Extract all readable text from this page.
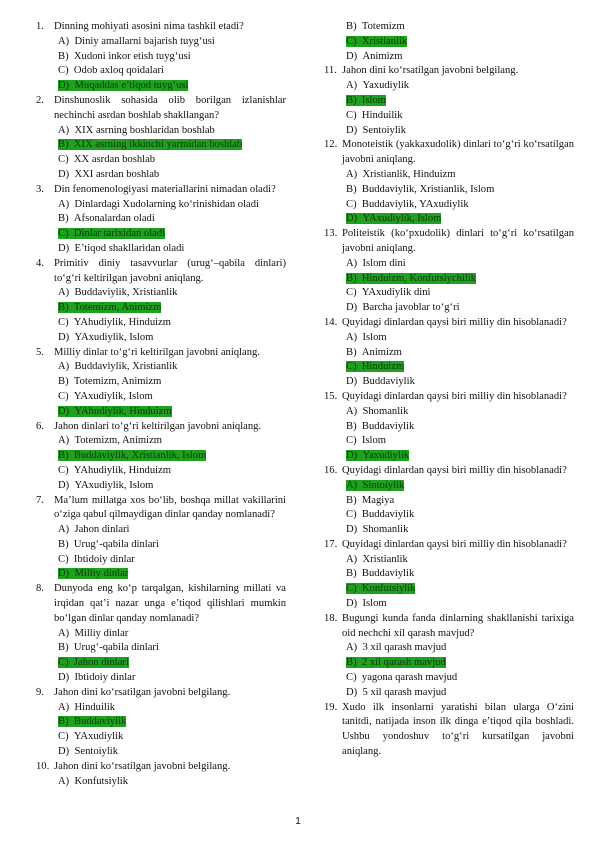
1. Dinning mohiyati asosini nima tashkil etadi?
A) Diniy amallarni bajarish tuyg‘usi
B) Xudoni inkor etish tuyg‘usi
C) Odob axloq qoidalari
D) Muqaddas e’tiqod tuyg‘usi
2. Dinshunoslik sohasida olib borilgan izlanishlar nechinchi asrdan boshlab shakllangan?
A) XIX asrning boshlaridan boshlab
B) XIX asrning ikkinchi yarmidan boshlab
C) XX asrdan boshlab
D) XXI asrdan boshlab
3. Din fenomenologiyasi materiallarini nimadan oladi?
A) Dinlardagi Xudolarning ko‘rinishidan oladi
B) Afsonalardan oladi
C) Dinlar tarixidan oladi
D) E’tiqod shakllaridan oladi
4. Primitiv diniy tasavvurlar (urug‘–qabila dinlari) to‘g‘ri keltirilgan javobni aniqlang.
A) Buddaviylik, Xristianlik
B) Totemizm, Animizm
C) YAhudiylik, Hinduizm
D) YAxudiylik, Islom
5. Milliy dinlar to‘g‘ri keltirilgan javobni aniqlang.
A) Buddaviylik, Xristianlik
B) Totemizm, Animizm
C) YAxudiylik, Islom
D) YAhudiylik, Hinduizm
6. Jahon dinlari to‘g‘ri keltirilgan javobni aniqlang.
A) Totemizm, Animizm
B) Buddaviylik, Xristianlik, Islom
C) YAhudiylik, Hinduizm
D) YAxudiylik, Islom
7. Ma’lum millatga xos bo‘lib, boshqa millat vakillarini o‘ziga qabul qilmaydigan dinlar qanday nomlanadi?
A) Jahon dinlari
B) Urug‘-qabila dinlari
C) Ibtidoiy dinlar
D) Milliy dinlar
8. Dunyoda eng ko‘p tarqalgan, kishilarning millati va irqidan qat’i nazar unga e’tiqod qilishlari mumkin bo‘lgan dinlar qanday nomlanadi?
A) Milliy dinlar
B) Urug‘-qabila dinlari
C) Jahon dinlari
D) Ibtidoiy dinlar
9. Jahon dini ko‘rsatilgan javobni belgilang.
A) Hinduilik
B) Buddaviylik
C) YAxudiylik
D) Sentoiylik
10. Jahon dini ko‘rsatilgan javobni belgilang.
A) Konfutsiylik
B) Totemizm
C) Xristianlik
D) Animizm
11. Jahon dini ko‘rsatilgan javobni belgilang.
A) Yaxudiylik
B) Islom
C) Hinduilik
D) Sentoiylik
12. Monoteistik (yakkaxudolik) dinlari to‘g‘ri ko‘rsatilgan javobni aniqlang.
A) Xristianlik, Hinduizm
B) Buddaviylik, Xristianlik, Islom
C) Buddaviylik, YAxudiylik
D) YAxudiylik, Islom
13. Politeistik (ko‘pxudolik) dinlari to‘g‘ri ko‘rsatilgan javobni aniqlang.
A) Islom dini
B) Hinduizm, Konfutsiychilik
C) YAxudiylik dini
D) Barcha javoblar to‘g‘ri
14. Quyidagi dinlardan qaysi biri milliy din hisoblanadi?
A) Islom
B) Animizm
C) Hinduizm
D) Buddaviylik
15. Quyidagi dinlardan qaysi biri milliy din hisoblanadi?
A) Shomanlik
B) Buddaviylik
C) Islom
D) Yaxudiylik
16. Quyidagi dinlardan qaysi biri milliy din hisoblanadi?
A) Sintoiylik
B) Magiya
C) Buddaviylik
D) Shomanlik
17. Quyidagi dinlardan qaysi biri milliy din hisoblanadi?
A) Xristianlik
B) Buddaviylik
C) Konfutsiylik
D) Islom
18. Bugungi kunda fanda dinlarning shakllanishi tarixiga oid nechchi xil qarash mavjud?
A) 3 xil qarash mavjud
B) 2 xil qarash mavjud
C) yagona qarash mavjud
D) 5 xil qarash mavjud
19. Xudo ilk insonlarni yaratishi bilan ularga O‘zini tanitdi, natijada inson ilk dinga e’tiqod qila boshladi. Ushbu yondoshuv to‘g‘ri kursatilgan javobni aniqlang.
1
